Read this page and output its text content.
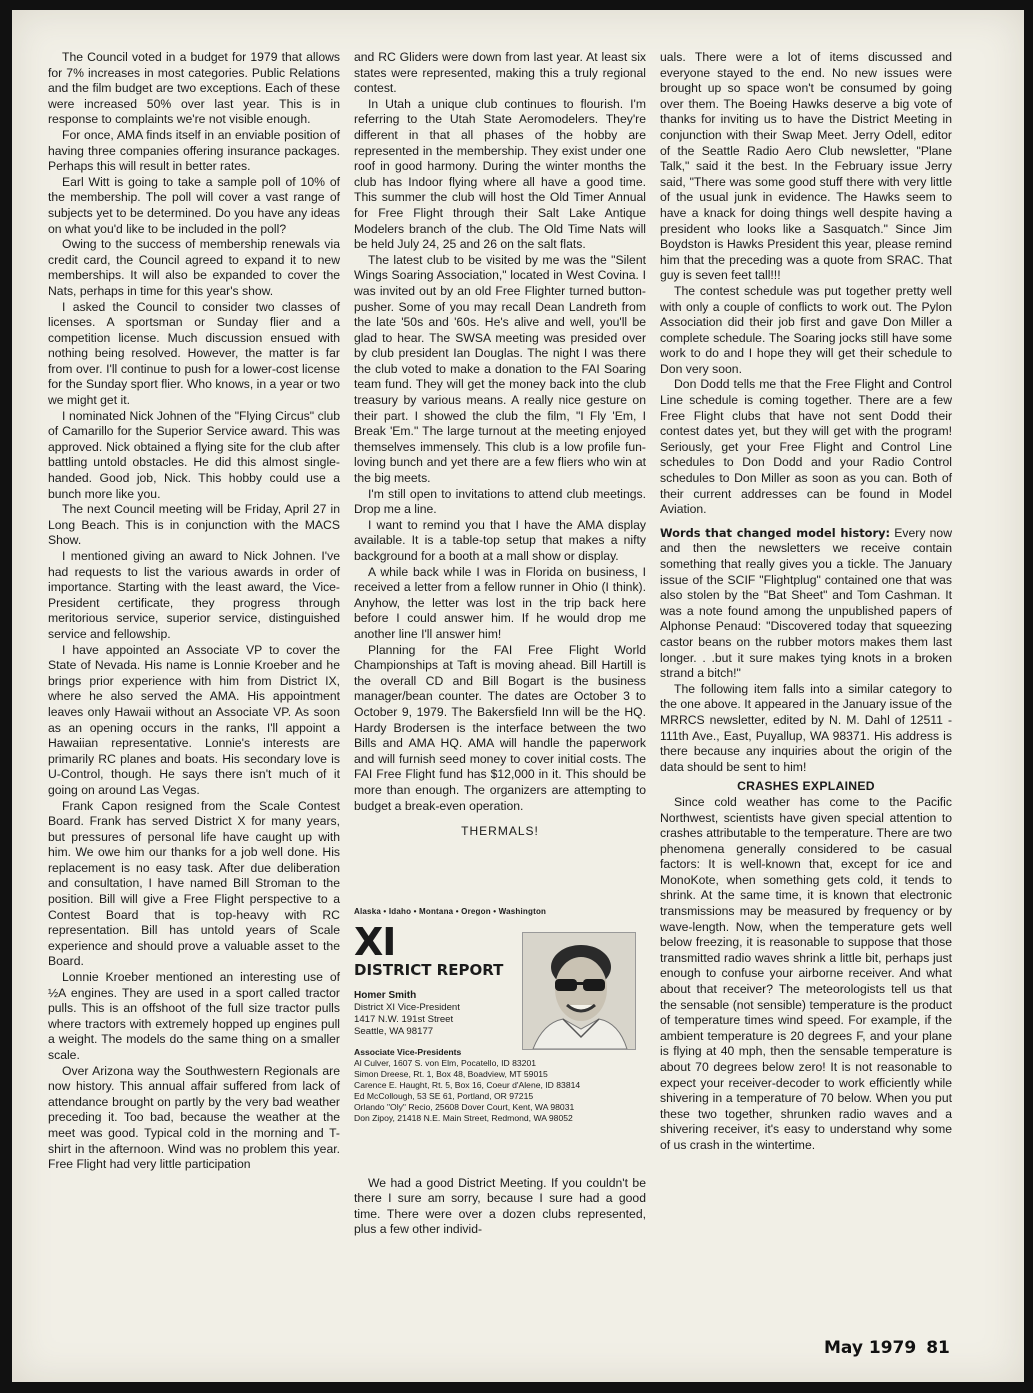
The Council voted in a budget for 1979 that allows for 7% increases in most categories. Public Relations and the film budget are two exceptions. Each of these were increased 50% over last year. This is in response to complaints we're not visible enough.

For once, AMA finds itself in an enviable position of having three companies offering insurance packages. Perhaps this will result in better rates.

Earl Witt is going to take a sample poll of 10% of the membership. The poll will cover a vast range of subjects yet to be determined. Do you have any ideas on what you'd like to be included in the poll?

Owing to the success of membership renewals via credit card, the Council agreed to expand it to new memberships. It will also be expanded to cover the Nats, perhaps in time for this year's show.

I asked the Council to consider two classes of licenses. A sportsman or Sunday flier and a competition license. Much discussion ensued with nothing being resolved. However, the matter is far from over. I'll continue to push for a lower-cost license for the Sunday sport flier. Who knows, in a year or two we might get it.

I nominated Nick Johnen of the "Flying Circus" club of Camarillo for the Superior Service award. This was approved. Nick obtained a flying site for the club after battling untold obstacles. He did this almost single-handed. Good job, Nick. This hobby could use a bunch more like you.

The next Council meeting will be Friday, April 27 in Long Beach. This is in conjunction with the MACS Show.

I mentioned giving an award to Nick Johnen. I've had requests to list the various awards in order of importance. Starting with the least award, the Vice-President certificate, they progress through meritorious service, superior service, distinguished service and fellowship.

I have appointed an Associate VP to cover the State of Nevada. His name is Lonnie Kroeber and he brings prior experience with him from District IX, where he also served the AMA. His appointment leaves only Hawaii without an Associate VP. As soon as an opening occurs in the ranks, I'll appoint a Hawaiian representative. Lonnie's interests are primarily RC planes and boats. His secondary love is U-Control, though. He says there isn't much of it going on around Las Vegas.

Frank Capon resigned from the Scale Contest Board. Frank has served District X for many years, but pressures of personal life have caught up with him. We owe him our thanks for a job well done. His replacement is no easy task. After due deliberation and consultation, I have named Bill Stroman to the position. Bill will give a Free Flight perspective to a Contest Board that is top-heavy with RC representation. Bill has untold years of Scale experience and should prove a valuable asset to the Board.

Lonnie Kroeber mentioned an interesting use of ½A engines. They are used in a sport called tractor pulls. This is an offshoot of the full size tractor pulls where tractors with extremely hopped up engines pull a weight. The models do the same thing on a smaller scale.

Over Arizona way the Southwestern Regionals are now history. This annual affair suffered from lack of attendance brought on partly by the very bad weather preceding it. Too bad, because the weather at the meet was good. Typical cold in the morning and T-shirt in the afternoon. Wind was no problem this year. Free Flight had very little participation

and RC Gliders were down from last year. At least six states were represented, making this a truly regional contest.

In Utah a unique club continues to flourish. I'm referring to the Utah State Aeromodelers. They're different in that all phases of the hobby are represented in the membership. They exist under one roof in good harmony. During the winter months the club has Indoor flying where all have a good time. This summer the club will host the Old Timer Annual for Free Flight through their Salt Lake Antique Modelers branch of the club. The Old Time Nats will be held July 24, 25 and 26 on the salt flats.

The latest club to be visited by me was the "Silent Wings Soaring Association," located in West Covina. I was invited out by an old Free Flighter turned button-pusher. Some of you may recall Dean Landreth from the late '50s and '60s. He's alive and well, you'll be glad to hear. The SWSA meeting was presided over by club president Ian Douglas. The night I was there the club voted to make a donation to the FAI Soaring team fund. They will get the money back into the club treasury by various means. A really nice gesture on their part. I showed the club the film, "I Fly 'Em, I Break 'Em." The large turnout at the meeting enjoyed themselves immensely. This club is a low profile fun-loving bunch and yet there are a few fliers who win at the big meets.

I'm still open to invitations to attend club meetings. Drop me a line.

I want to remind you that I have the AMA display available. It is a table-top setup that makes a nifty background for a booth at a mall show or display.

A while back while I was in Florida on business, I received a letter from a fellow runner in Ohio (I think). Anyhow, the letter was lost in the trip back here before I could answer him. If he would drop me another line I'll answer him!

Planning for the FAI Free Flight World Championships at Taft is moving ahead. Bill Hartill is the overall CD and Bill Bogart is the business manager/bean counter. The dates are October 3 to October 9, 1979. The Bakersfield Inn will be the HQ. Hardy Brodersen is the interface between the two Bills and AMA HQ. AMA will handle the paperwork and will furnish seed money to cover initial costs. The FAI Free Flight fund has $12,000 in it. This should be more than enough. The organizers are attempting to budget a break-even operation.

THERMALS!

Alaska • Idaho • Montana • Oregon • Washington
XI
DISTRICT REPORT
Homer Smith
District XI Vice-President
1417 N.W. 191st Street
Seattle, WA 98177
Associate Vice-Presidents
Al Culver, 1607 S. von Elm, Pocatello, ID 83201
Simon Dreese, Rt. 1, Box 48, Boadview, MT 59015
Carence E. Haught, Rt. 5, Box 16, Coeur d'Alene, ID 83814
Ed McCollough, 53 SE 61, Portland, OR 97215
Orlando "Oly" Recio, 25608 Dover Court, Kent, WA 98031
Don Zipoy, 21418 N.E. Main Street, Redmond, WA 98052

We had a good District Meeting. If you couldn't be there I sure am sorry, because I sure had a good time. There were over a dozen clubs represented, plus a few other individ-

uals. There were a lot of items discussed and everyone stayed to the end. No new issues were brought up so space won't be consumed by going over them. The Boeing Hawks deserve a big vote of thanks for inviting us to have the District Meeting in conjunction with their Swap Meet. Jerry Odell, editor of the Seattle Radio Aero Club newsletter, "Plane Talk," said it the best. In the February issue Jerry said, "There was some good stuff there with very little of the usual junk in evidence. The Hawks seem to have a knack for doing things well despite having a president who looks like a Sasquatch." Since Jim Boydston is Hawks President this year, please remind him that the preceding was a quote from SRAC. That guy is seven feet tall!!!

The contest schedule was put together pretty well with only a couple of conflicts to work out. The Pylon Association did their job first and gave Don Miller a complete schedule. The Soaring jocks still have some work to do and I hope they will get their schedule to Don very soon.

Don Dodd tells me that the Free Flight and Control Line schedule is coming together. There are a few Free Flight clubs that have not sent Dodd their contest dates yet, but they will get with the program! Seriously, get your Free Flight and Control Line schedules to Don Dodd and your Radio Control schedules to Don Miller as soon as you can. Both of their current addresses can be found in Model Aviation.

Words that changed model history: Every now and then the newsletters we receive contain something that really gives you a tickle. The January issue of the SCIF "Flightplug" contained one that was also stolen by the "Bat Sheet" and Tom Cashman. It was a note found among the unpublished papers of Alphonse Penaud: "Discovered today that squeezing castor beans on the rubber motors makes them last longer. . .but it sure makes tying knots in a broken strand a bitch!"

The following item falls into a similar category to the one above. It appeared in the January issue of the MRRCS newsletter, edited by N. M. Dahl of 12511 - 111th Ave., East, Puyallup, WA 98371. His address is there because any inquiries about the origin of the data should be sent to him!

CRASHES EXPLAINED

Since cold weather has come to the Pacific Northwest, scientists have given special attention to crashes attributable to the temperature. There are two phenomena generally considered to be casual factors: It is well-known that, except for ice and MonoKote, when something gets cold, it tends to shrink. At the same time, it is known that electronic transmissions may be measured by frequency or by wave-length. Now, when the temperature gets well below freezing, it is reasonable to suppose that those transmitted radio waves shrink a little bit, perhaps just enough to confuse your airborne receiver. And what about that receiver? The meteorologists tell us that the sensable (not sensible) temperature is the product of temperature times wind speed. For example, if the ambient temperature is 20 degrees F, and your plane is flying at 40 mph, then the sensable temperature is about 70 degrees below zero! It is not reasonable to expect your receiver-decoder to work efficiently while shivering in a temperature of 70 below. When you put these two together, shrunken radio waves and a shivering receiver, it's easy to understand why some of us crash in the wintertime.

May 1979 81
